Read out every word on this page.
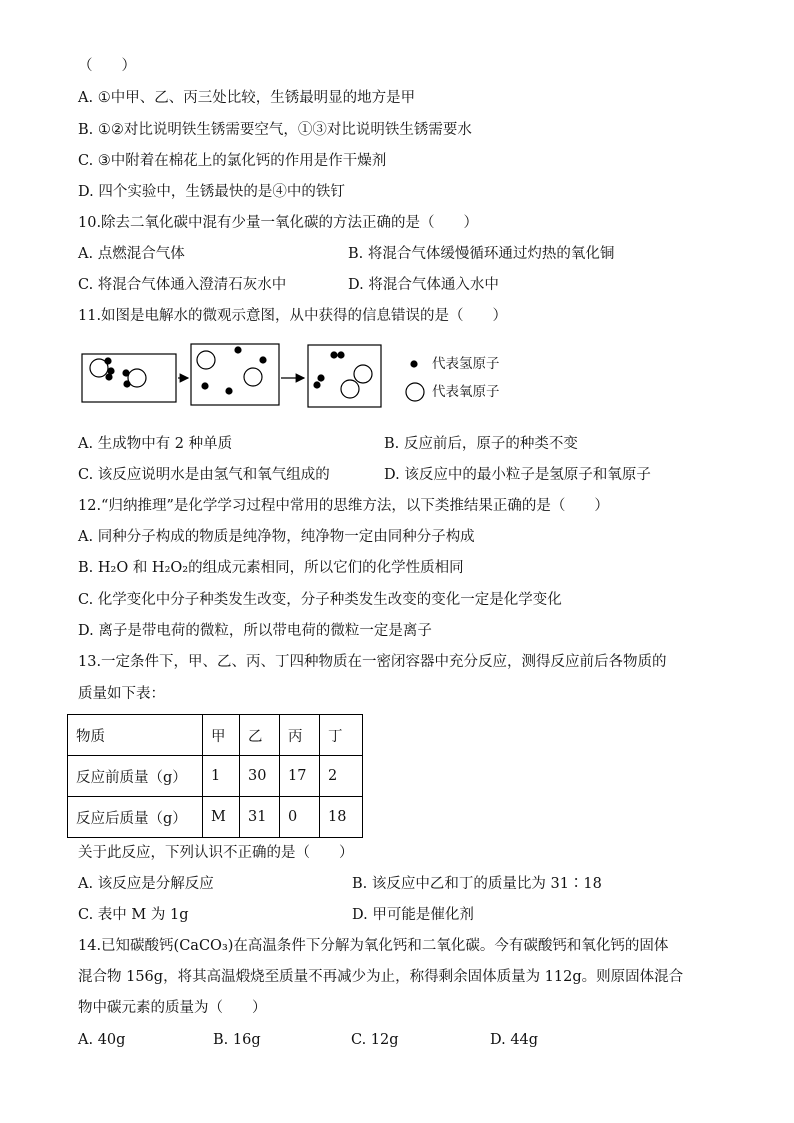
（　　）
A. ①中甲、乙、丙三处比较，生锈最明显的地方是甲
B. ①②对比说明铁生锈需要空气，①③对比说明铁生锈需要水
C. ③中附着在棉花上的氯化钙的作用是作干燥剂
D. 四个实验中，生锈最快的是④中的铁钉
10.除去二氧化碳中混有少量一氧化碳的方法正确的是（　　）
A. 点燃混合气体	B. 将混合气体缓慢循环通过灼热的氧化铜
C. 将混合气体通入澄清石灰水中	D. 将混合气体通入水中
11.如图是电解水的微观示意图，从中获得的信息错误的是（　　）
代表氢原子
代表氧原子
A. 生成物中有 2 种单质	B. 反应前后，原子的种类不变
C. 该反应说明水是由氢气和氧气组成的	D. 该反应中的最小粒子是氢原子和氧原子
12.“归纳推理”是化学学习过程中常用的思维方法，以下类推结果正确的是（　　）
A. 同种分子构成的物质是纯净物，纯净物一定由同种分子构成
B. H₂O 和 H₂O₂的组成元素相同，所以它们的化学性质相同
C. 化学变化中分子种类发生改变，分子种类发生改变的变化一定是化学变化
D. 离子是带电荷的微粒，所以带电荷的微粒一定是离子
13.一定条件下，甲、乙、丙、丁四种物质在一密闭容器中充分反应，测得反应前后各物质的
质量如下表：
物质	甲	乙	丙	丁
反应前质量（g）	1	30	17	2
反应后质量（g）	M	31	0	18
关于此反应，下列认识不正确的是（　　）
A. 该反应是分解反应	B. 该反应中乙和丁的质量比为 31∶18
C. 表中 M 为 1g	D. 甲可能是催化剂
14.已知碳酸钙(CaCO₃)在高温条件下分解为氧化钙和二氧化碳。今有碳酸钙和氧化钙的固体
混合物 156g，将其高温煅烧至质量不再减少为止，称得剩余固体质量为 112g。则原固体混合
物中碳元素的质量为（　　）
A. 40g	B. 16g	C. 12g	D. 44g
